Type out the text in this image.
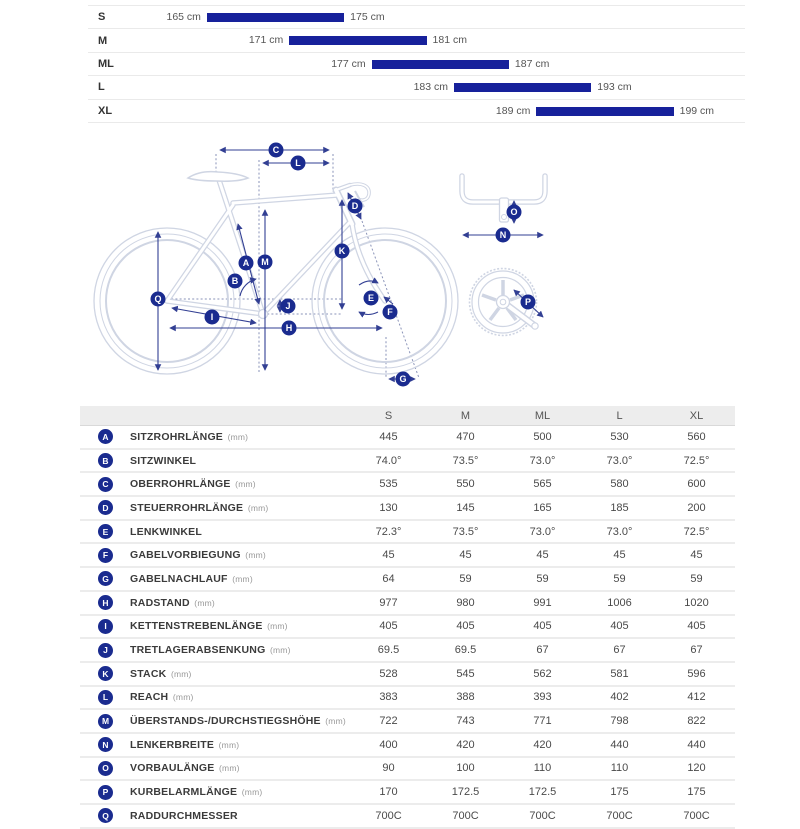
S	165 cm	175 cm
M	171 cm	181 cm
ML	177 cm	187 cm
L	183 cm	193 cm
XL	189 cm	199 cm
A
B
C
D
E
F
G
H
I
J
K
L
M
N
O
P
Q
S	M	ML	L	XL
A	SITZROHRLÄNGE (mm)	445	470	500	530	560
B	SITZWINKEL	74.0°	73.5°	73.0°	73.0°	72.5°
C	OBERROHRLÄNGE (mm)	535	550	565	580	600
D	STEUERROHRLÄNGE (mm)	130	145	165	185	200
E	LENKWINKEL	72.3°	73.5°	73.0°	73.0°	72.5°
F	GABELVORBIEGUNG (mm)	45	45	45	45	45
G	GABELNACHLAUF (mm)	64	59	59	59	59
H	RADSTAND (mm)	977	980	991	1006	1020
I	KETTENSTREBENLÄNGE (mm)	405	405	405	405	405
J	TRETLAGERABSENKUNG (mm)	69.5	69.5	67	67	67
K	STACK (mm)	528	545	562	581	596
L	REACH (mm)	383	388	393	402	412
M	ÜBERSTANDS-/DURCHSTIEGSHÖHE (mm)	722	743	771	798	822
N	LENKERBREITE (mm)	400	420	420	440	440
O	VORBAULÄNGE (mm)	90	100	110	110	120
P	KURBELARMLÄNGE (mm)	170	172.5	172.5	175	175
Q	RADDURCHMESSER	700C	700C	700C	700C	700C
